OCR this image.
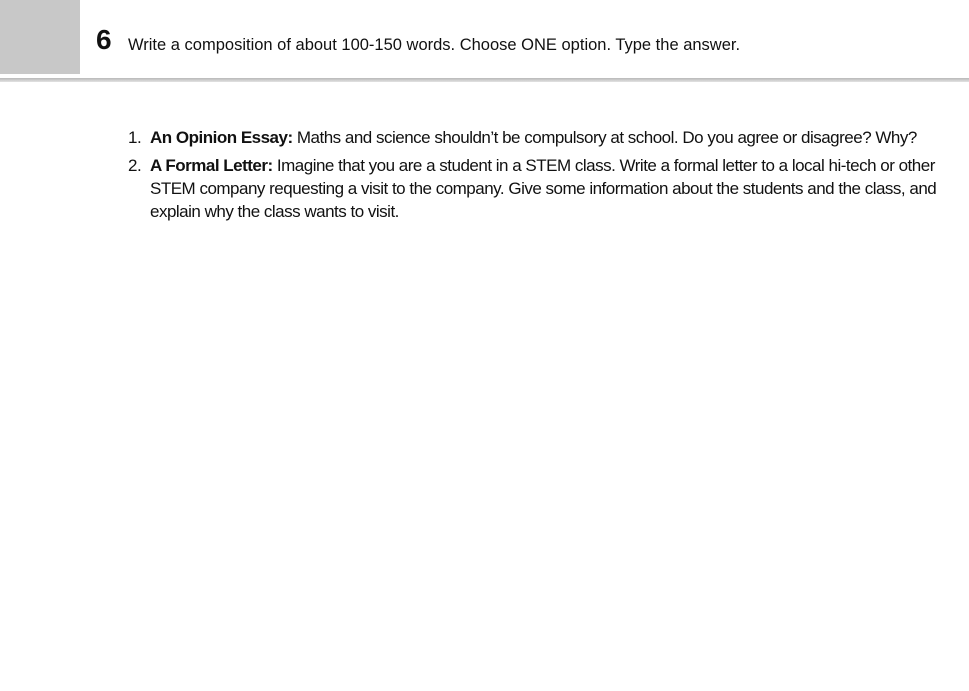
6 Write a composition of about 100-150 words. Choose ONE option. Type the answer.
1. An Opinion Essay: Maths and science shouldn’t be compulsory at school. Do you agree or disagree? Why?
2. A Formal Letter: Imagine that you are a student in a STEM class. Write a formal letter to a local hi-tech or other STEM company requesting a visit to the company. Give some information about the students and the class, and explain why the class wants to visit.
